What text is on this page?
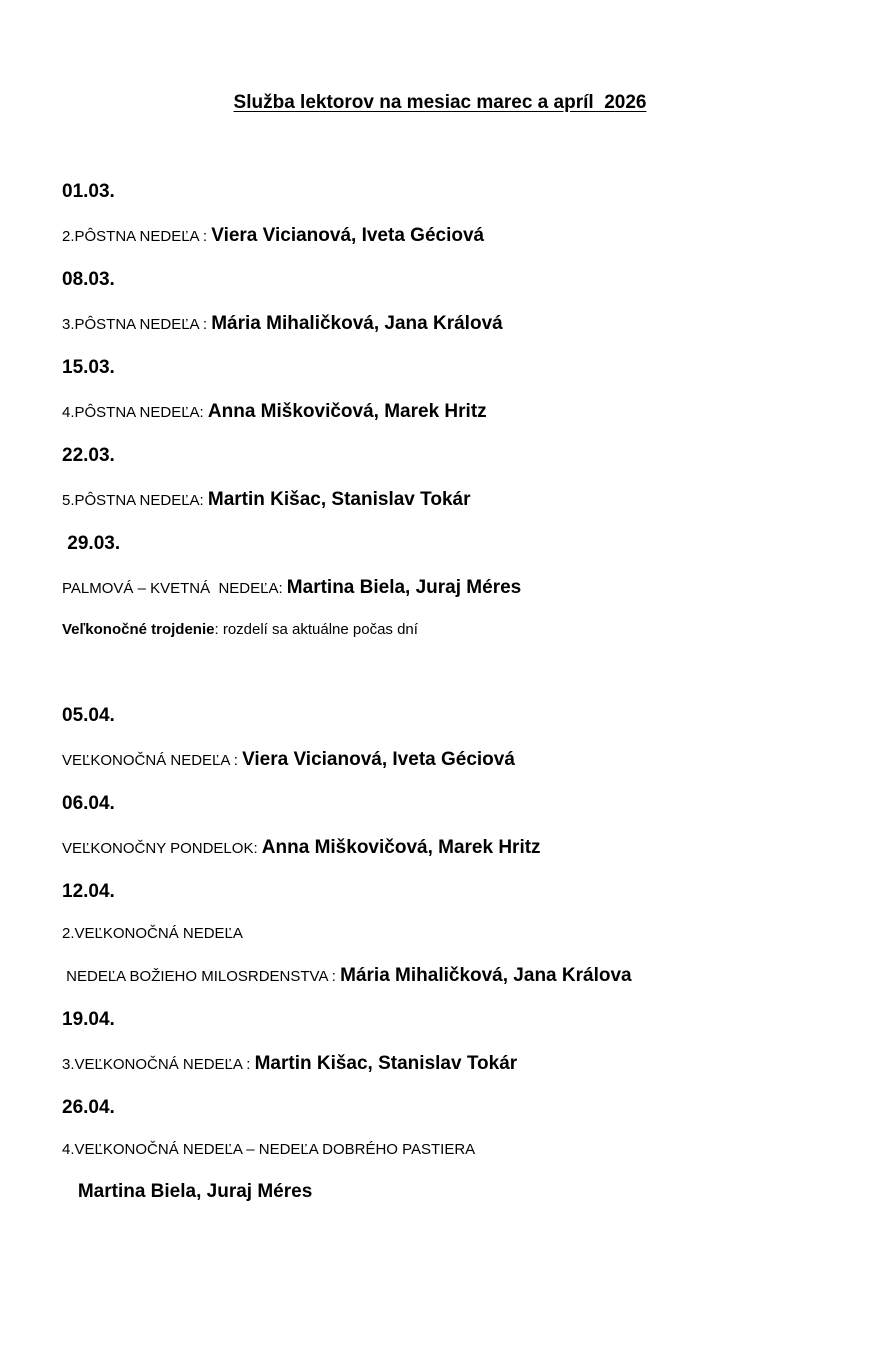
Služba lektorov na mesiac marec a apríl  2026
01.03.
2.PÔSTNA NEDEĽA : Viera Vicianová, Iveta Géciová
08.03.
3.PÔSTNA NEDEĽA : Mária Mihaličková, Jana Králová
15.03.
4.PÔSTNA NEDEĽA: Anna Miškovičová, Marek Hritz
22.03.
5.PÔSTNA NEDEĽA: Martin Kišac, Stanislav Tokár
29.03.
PALMOVÁ – KVETNÁ  NEDEĽA: Martina Biela, Juraj Méres
Veľkonočné trojdenie: rozdelí sa aktuálne počas dní
05.04.
VEĽKONOČNÁ NEDEĽA : Viera Vicianová, Iveta Géciová
06.04.
VEĽKONOČNY PONDELOK: Anna Miškovičová, Marek Hritz
12.04.
2.VEĽKONOČNÁ NEDEĽA
NEDEĽA BOŽIEHO MILOSRDENSTVA : Mária Mihaličková, Jana Králova
19.04.
3.VEĽKONOČNÁ NEDEĽA : Martin Kišac, Stanislav Tokár
26.04.
4.VEĽKONOČNÁ NEDEĽA – NEDEĽA DOBRÉHO PASTIERA
Martina Biela, Juraj Méres
